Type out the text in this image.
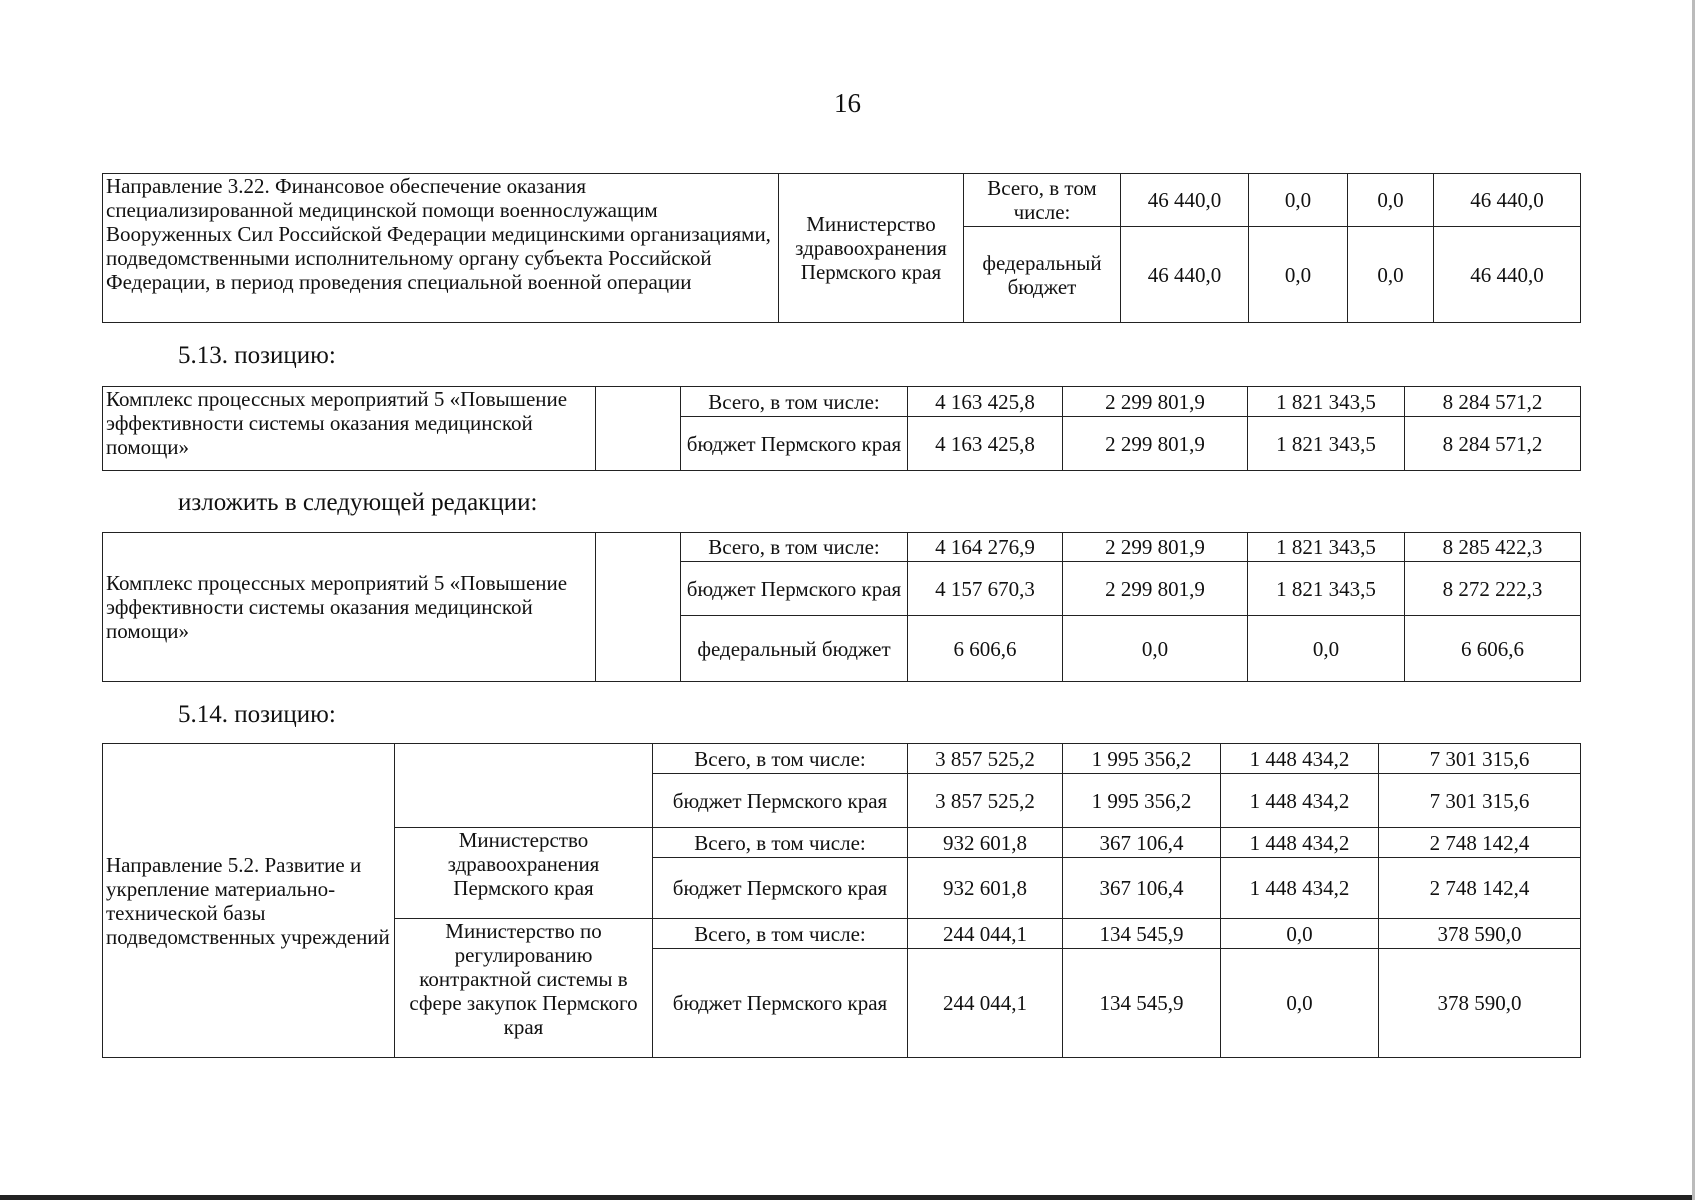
16
Направление 3.22. Финансовое обеспечение оказания специализированной медицинской помощи военнослужащим Вооруженных Сил Российской Федерации медицинскими организациями, подведомственными исполнительному органу субъекта Российской Федерации, в период проведения специальной военной операции	Министерство здравоохранения Пермского края	Всего, в том числе:	46 440,0	0,0	0,0	46 440,0
		федеральный бюджет	46 440,0	0,0	0,0	46 440,0
5.13. позицию:
Комплекс процессных мероприятий 5 «Повышение эффективности системы оказания медицинской помощи»		Всего, в том числе:	4 163 425,8	2 299 801,9	1 821 343,5	8 284 571,2
		бюджет Пермского края	4 163 425,8	2 299 801,9	1 821 343,5	8 284 571,2
изложить в следующей редакции:
Комплекс процессных мероприятий 5 «Повышение эффективности системы оказания медицинской помощи»		Всего, в том числе:	4 164 276,9	2 299 801,9	1 821 343,5	8 285 422,3
		бюджет Пермского края	4 157 670,3	2 299 801,9	1 821 343,5	8 272 222,3
		федеральный бюджет	6 606,6	0,0	0,0	6 606,6
5.14. позицию:
Направление 5.2. Развитие и укрепление материально-технической базы подведомственных учреждений		Всего, в том числе:	3 857 525,2	1 995 356,2	1 448 434,2	7 301 315,6
		бюджет Пермского края	3 857 525,2	1 995 356,2	1 448 434,2	7 301 315,6
	Министерство здравоохранения Пермского края	Всего, в том числе:	932 601,8	367 106,4	1 448 434,2	2 748 142,4
		бюджет Пермского края	932 601,8	367 106,4	1 448 434,2	2 748 142,4
	Министерство по регулированию контрактной системы в сфере закупок Пермского края	Всего, в том числе:	244 044,1	134 545,9	0,0	378 590,0
		бюджет Пермского края	244 044,1	134 545,9	0,0	378 590,0
